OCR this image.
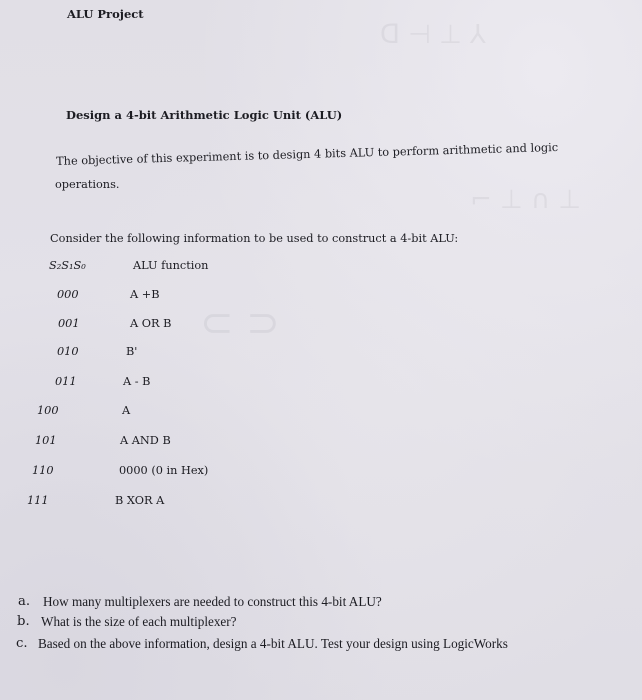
ᗡ ⊣ ⊥ ⅄
⌐ ⊥ ∩ ⊥
⊂ ⊃
ALU Project
Design a 4-bit Arithmetic Logic Unit (ALU)
The objective of this experiment is to design 4 bits ALU to perform arithmetic and logic
operations.
Consider the following information to be used to construct a 4-bit ALU:
S₂S₁S₀	ALU function
000	A +B
001	A OR B
010	B'
011	A - B
100	A
101	A AND B
110	0000 (0 in Hex)
111	B XOR A
a. How many multiplexers are needed to construct this 4-bit ALU?
b. What is the size of each multiplexer?
c. Based on the above information, design a 4-bit ALU. Test your design using LogicWorks
